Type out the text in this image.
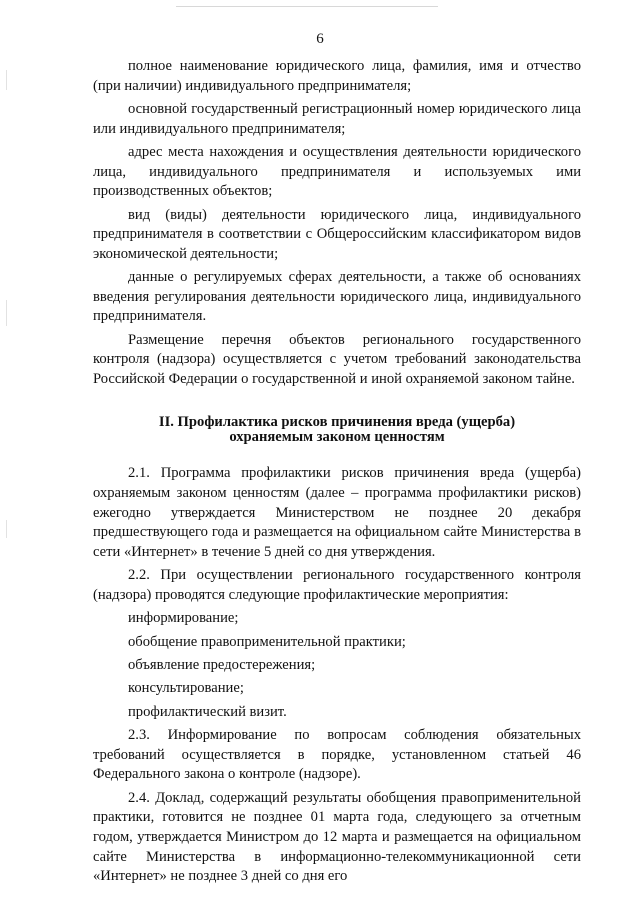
6

полное наименование юридического лица, фамилия, имя и отчество (при наличии) индивидуального предпринимателя;

основной государственный регистрационный номер юридического лица или индивидуального предпринимателя;

адрес места нахождения и осуществления деятельности юридического лица, индивидуального предпринимателя и используемых ими производственных объектов;

вид (виды) деятельности юридического лица, индивидуального предпринимателя в соответствии с Общероссийским классификатором видов экономической деятельности;

данные о регулируемых сферах деятельности, а также об основаниях введения регулирования деятельности юридического лица, индивидуального предпринимателя.

Размещение перечня объектов регионального государственного контроля (надзора) осуществляется с учетом требований законодательства Российской Федерации о государственной и иной охраняемой законом тайне.

II. Профилактика рисков причинения вреда (ущерба)
охраняемым законом ценностям

2.1. Программа профилактики рисков причинения вреда (ущерба) охраняемым законом ценностям (далее – программа профилактики рисков) ежегодно утверждается Министерством не позднее 20 декабря предшествующего года и размещается на официальном сайте Министерства в сети «Интернет» в течение 5 дней со дня утверждения.

2.2. При осуществлении регионального государственного контроля (надзора) проводятся следующие профилактические мероприятия:

информирование;

обобщение правоприменительной практики;

объявление предостережения;

консультирование;

профилактический визит.

2.3. Информирование по вопросам соблюдения обязательных требований осуществляется в порядке, установленном статьей 46 Федерального закона о контроле (надзоре).

2.4. Доклад, содержащий результаты обобщения правоприменительной практики, готовится не позднее 01 марта года, следующего за отчетным годом, утверждается Министром до 12 марта и размещается на официальном сайте Министерства в информационно-телекоммуникационной сети «Интернет» не позднее 3 дней со дня его
